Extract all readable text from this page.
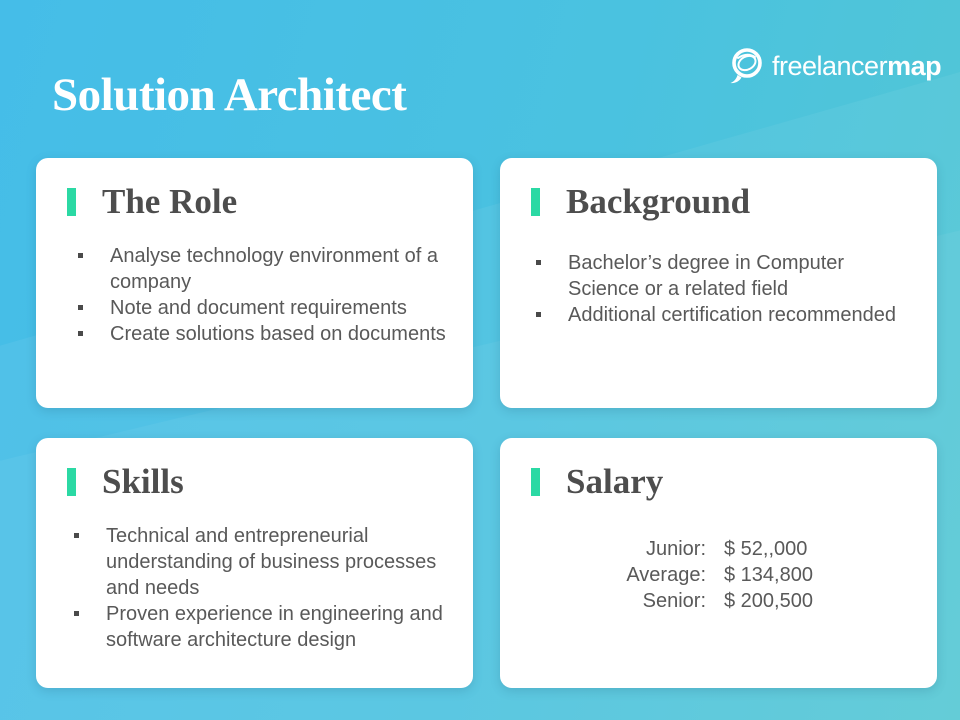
Solution Architect
freelancermap
The Role
Analyse technology environment of a company
Note and document requirements
Create solutions based on documents
Background
Bachelor’s degree in Computer Science or a related field
Additional certification recommended
Skills
Technical and entrepreneurial understanding of business processes and needs
Proven experience in engineering and software architecture design
Salary
Junior: $ 52,,000
Average: $ 134,800
Senior: $ 200,500
